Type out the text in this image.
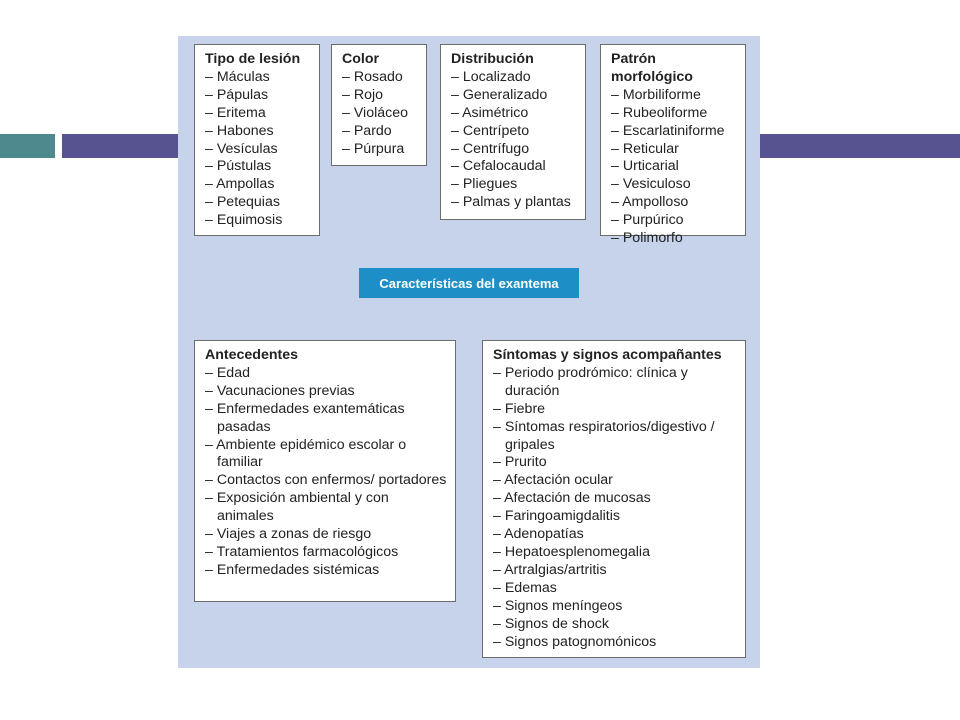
Tipo de lesión
– Máculas
– Pápulas
– Eritema
– Habones
– Vesículas
– Pústulas
– Ampollas
– Petequias
– Equimosis
Color
– Rosado
– Rojo
– Violáceo
– Pardo
– Púrpura
Distribución
– Localizado
– Generalizado
– Asimétrico
– Centrípeto
– Centrífugo
– Cefalocaudal
– Pliegues
– Palmas y plantas
Patrón morfológico
– Morbiliforme
– Rubeoliforme
– Escarlatiniforme
– Reticular
– Urticarial
– Vesiculoso
– Ampolloso
– Purpúrico
– Polimorfo
Características del exantema
Antecedentes
– Edad
– Vacunaciones previas
– Enfermedades exantemáticas pasadas
– Ambiente epidémico escolar o familiar
– Contactos con enfermos/ portadores
– Exposición ambiental y con animales
– Viajes a zonas de riesgo
– Tratamientos farmacológicos
– Enfermedades sistémicas
Síntomas y signos acompañantes
– Periodo prodrómico: clínica y duración
– Fiebre
– Síntomas respiratorios/digestivo / gripales
– Prurito
– Afectación ocular
– Afectación de mucosas
– Faringoamigdalitis
– Adenopatías
– Hepatoesplenomegalia
– Artralgias/artritis
– Edemas
– Signos meníngeos
– Signos de shock
– Signos patognomónicos
